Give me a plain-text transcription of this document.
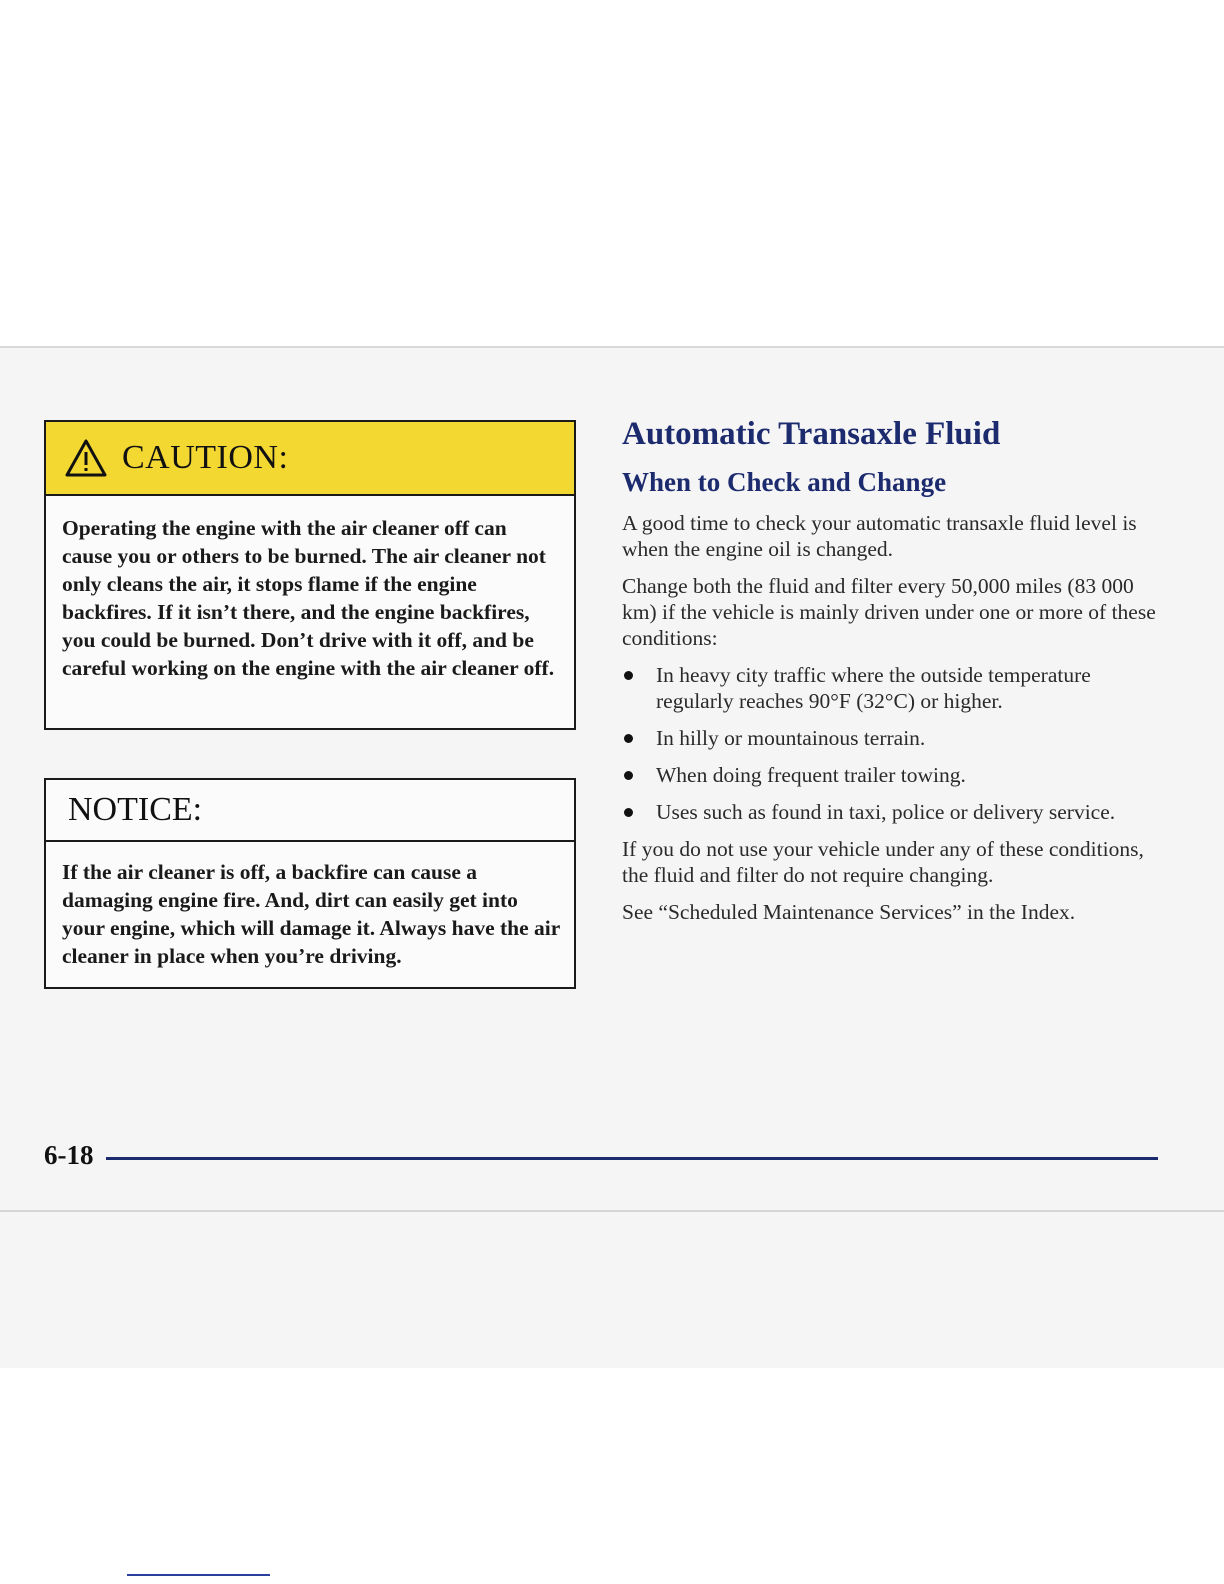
CAUTION:
Operating the engine with the air cleaner off can cause you or others to be burned. The air cleaner not only cleans the air, it stops flame if the engine backfires. If it isn’t there, and the engine backfires, you could be burned. Don’t drive with it off, and be careful working on the engine with the air cleaner off.
NOTICE:
If the air cleaner is off, a backfire can cause a damaging engine fire. And, dirt can easily get into your engine, which will damage it. Always have the air cleaner in place when you’re driving.
Automatic Transaxle Fluid
When to Check and Change

A good time to check your automatic transaxle fluid level is when the engine oil is changed.

Change both the fluid and filter every 50,000 miles (83 000 km) if the vehicle is mainly driven under one or more of these conditions:

In heavy city traffic where the outside temperature regularly reaches 90°F (32°C) or higher.
In hilly or mountainous terrain.
When doing frequent trailer towing.
Uses such as found in taxi, police or delivery service.

If you do not use your vehicle under any of these conditions, the fluid and filter do not require changing.

See “Scheduled Maintenance Services” in the Index.

6-18
